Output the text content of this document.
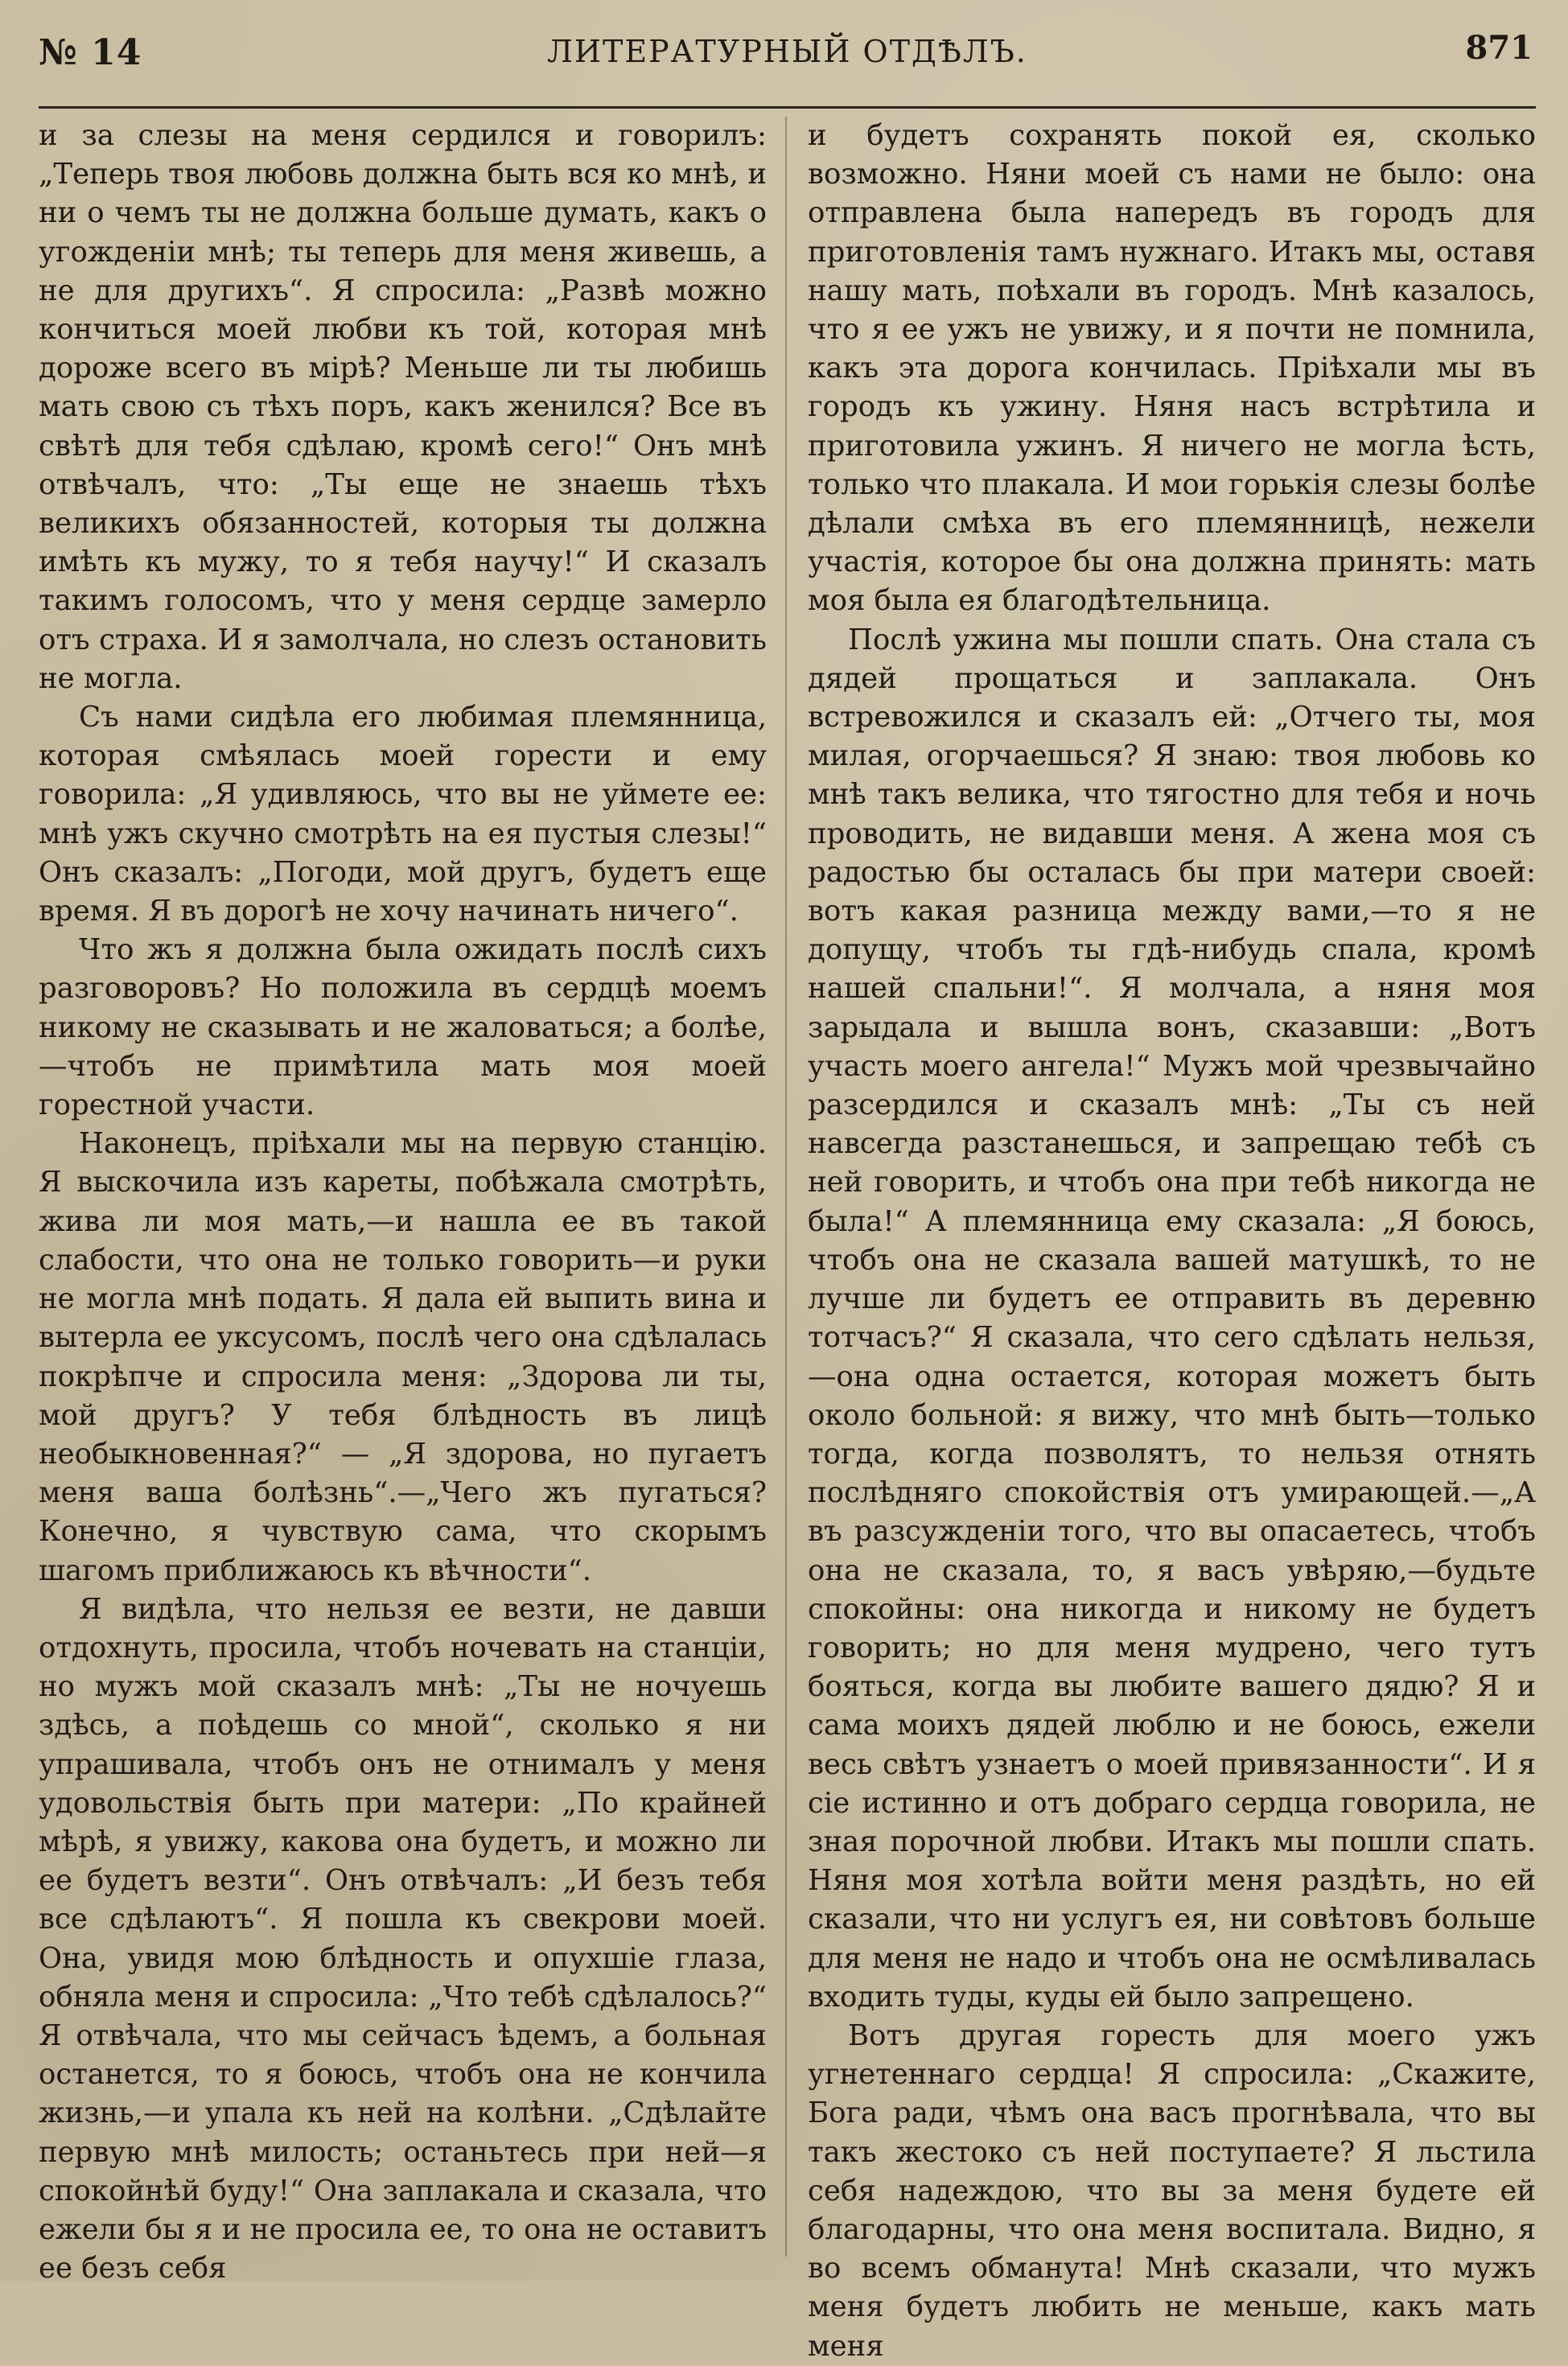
№ 14	ЛИТЕРАТУРНЫЙ ОТДѢЛЪ.	871

и за слезы на меня сердился и говорилъ: „Теперь твоя любовь должна быть вся ко мнѣ, и ни о чемъ ты не должна больше думать, какъ о угожденіи мнѣ; ты теперь для меня живешь, а не для другихъ“. Я спросила: „Развѣ можно кончиться моей любви къ той, которая мнѣ дороже всего въ мірѣ? Меньше ли ты любишь мать свою съ тѣхъ поръ, какъ женился? Все въ свѣтѣ для тебя сдѣлаю, кромѣ сего!“ Онъ мнѣ отвѣчалъ, что: „Ты еще не знаешь тѣхъ великихъ обязанностей, которыя ты должна имѣть къ мужу, то я тебя научу!“ И сказалъ такимъ голосомъ, что у меня сердце замерло отъ страха. И я замолчала, но слезъ остановить не могла.

Съ нами сидѣла его любимая племянница, которая смѣялась моей горести и ему говорила: „Я удивляюсь, что вы не уймете ее: мнѣ ужъ скучно смотрѣть на ея пустыя слезы!“ Онъ сказалъ: „Погоди, мой другъ, будетъ еще время. Я въ дорогѣ не хочу начинать ничего“.

Что жъ я должна была ожидать послѣ сихъ разговоровъ? Но положила въ сердцѣ моемъ никому не сказывать и не жаловаться; а болѣе,—чтобъ не примѣтила мать моя моей горестной участи.

Наконецъ, пріѣхали мы на первую станцію. Я выскочила изъ кареты, побѣжала смотрѣть, жива ли моя мать,—и нашла ее въ такой слабости, что она не только говорить—и руки не могла мнѣ подать. Я дала ей выпить вина и вытерла ее уксусомъ, послѣ чего она сдѣлалась покрѣпче и спросила меня: „Здорова ли ты, мой другъ? У тебя блѣдность въ лицѣ необыкновенная?“ — „Я здорова, но пугаетъ меня ваша болѣзнь“.—„Чего жъ пугаться? Конечно, я чувствую сама, что скорымъ шагомъ приближаюсь къ вѣчности“.

Я видѣла, что нельзя ее везти, не давши отдохнуть, просила, чтобъ ночевать на станціи, но мужъ мой сказалъ мнѣ: „Ты не ночуешь здѣсь, а поѣдешь со мной“, сколько я ни упрашивала, чтобъ онъ не отнималъ у меня удовольствія быть при матери: „По крайней мѣрѣ, я увижу, какова она будетъ, и можно ли ее будетъ везти“. Онъ отвѣчалъ: „И безъ тебя все сдѣлаютъ“. Я пошла къ свекрови моей. Она, увидя мою блѣдность и опухшіе глаза, обняла меня и спросила: „Что тебѣ сдѣлалось?“ Я отвѣчала, что мы сейчасъ ѣдемъ, а больная останется, то я боюсь, чтобъ она не кончила жизнь,—и упала къ ней на колѣни. „Сдѣлайте первую мнѣ милость; останьтесь при ней—я спокойнѣй буду!“ Она заплакала и сказала, что ежели бы я и не просила ее, то она не оставитъ ее безъ себя

и будетъ сохранять покой ея, сколько возможно. Няни моей съ нами не было: она отправлена была напередъ въ городъ для приготовленія тамъ нужнаго. Итакъ мы, оставя нашу мать, поѣхали въ городъ. Мнѣ казалось, что я ее ужъ не увижу, и я почти не помнила, какъ эта дорога кончилась. Пріѣхали мы въ городъ къ ужину. Няня насъ встрѣтила и приготовила ужинъ. Я ничего не могла ѣсть, только что плакала. И мои горькія слезы болѣе дѣлали смѣха въ его племянницѣ, нежели участія, которое бы она должна принять: мать моя была ея благодѣтельница.

Послѣ ужина мы пошли спать. Она стала съ дядей прощаться и заплакала. Онъ встревожился и сказалъ ей: „Отчего ты, моя милая, огорчаешься? Я знаю: твоя любовь ко мнѣ такъ велика, что тягостно для тебя и ночь проводить, не видавши меня. А жена моя съ радостью бы осталась бы при матери своей: вотъ какая разница между вами,—то я не допущу, чтобъ ты гдѣ-нибудь спала, кромѣ нашей спальни!“. Я молчала, а няня моя зарыдала и вышла вонъ, сказавши: „Вотъ участь моего ангела!“ Мужъ мой чрезвычайно разсердился и сказалъ мнѣ: „Ты съ ней навсегда разстанешься, и запрещаю тебѣ съ ней говорить, и чтобъ она при тебѣ никогда не была!“ А племянница ему сказала: „Я боюсь, чтобъ она не сказала вашей матушкѣ, то не лучше ли будетъ ее отправить въ деревню тотчасъ?“ Я сказала, что сего сдѣлать нельзя,—она одна остается, которая можетъ быть около больной: я вижу, что мнѣ быть—только тогда, когда позволятъ, то нельзя отнять послѣдняго спокойствія отъ умирающей.—„А въ разсужденіи того, что вы опасаетесь, чтобъ она не сказала, то, я васъ увѣряю,—будьте спокойны: она никогда и никому не будетъ говорить; но для меня мудрено, чего тутъ бояться, когда вы любите вашего дядю? Я и сама моихъ дядей люблю и не боюсь, ежели весь свѣтъ узнаетъ о моей привязанности“. И я сіе истинно и отъ добраго сердца говорила, не зная порочной любви. Итакъ мы пошли спать. Няня моя хотѣла войти меня раздѣть, но ей сказали, что ни услугъ ея, ни совѣтовъ больше для меня не надо и чтобъ она не осмѣливалась входить туды, куды ей было запрещено.

Вотъ другая горесть для моего ужъ угнетеннаго сердца! Я спросила: „Скажите, Бога ради, чѣмъ она васъ прогнѣвала, что вы такъ жестоко съ ней поступаете? Я льстила себя надеждою, что вы за меня будете ей благодарны, что она меня воспитала. Видно, я во всемъ обманута! Мнѣ сказали, что мужъ меня будетъ любить не меньше, какъ мать меня
